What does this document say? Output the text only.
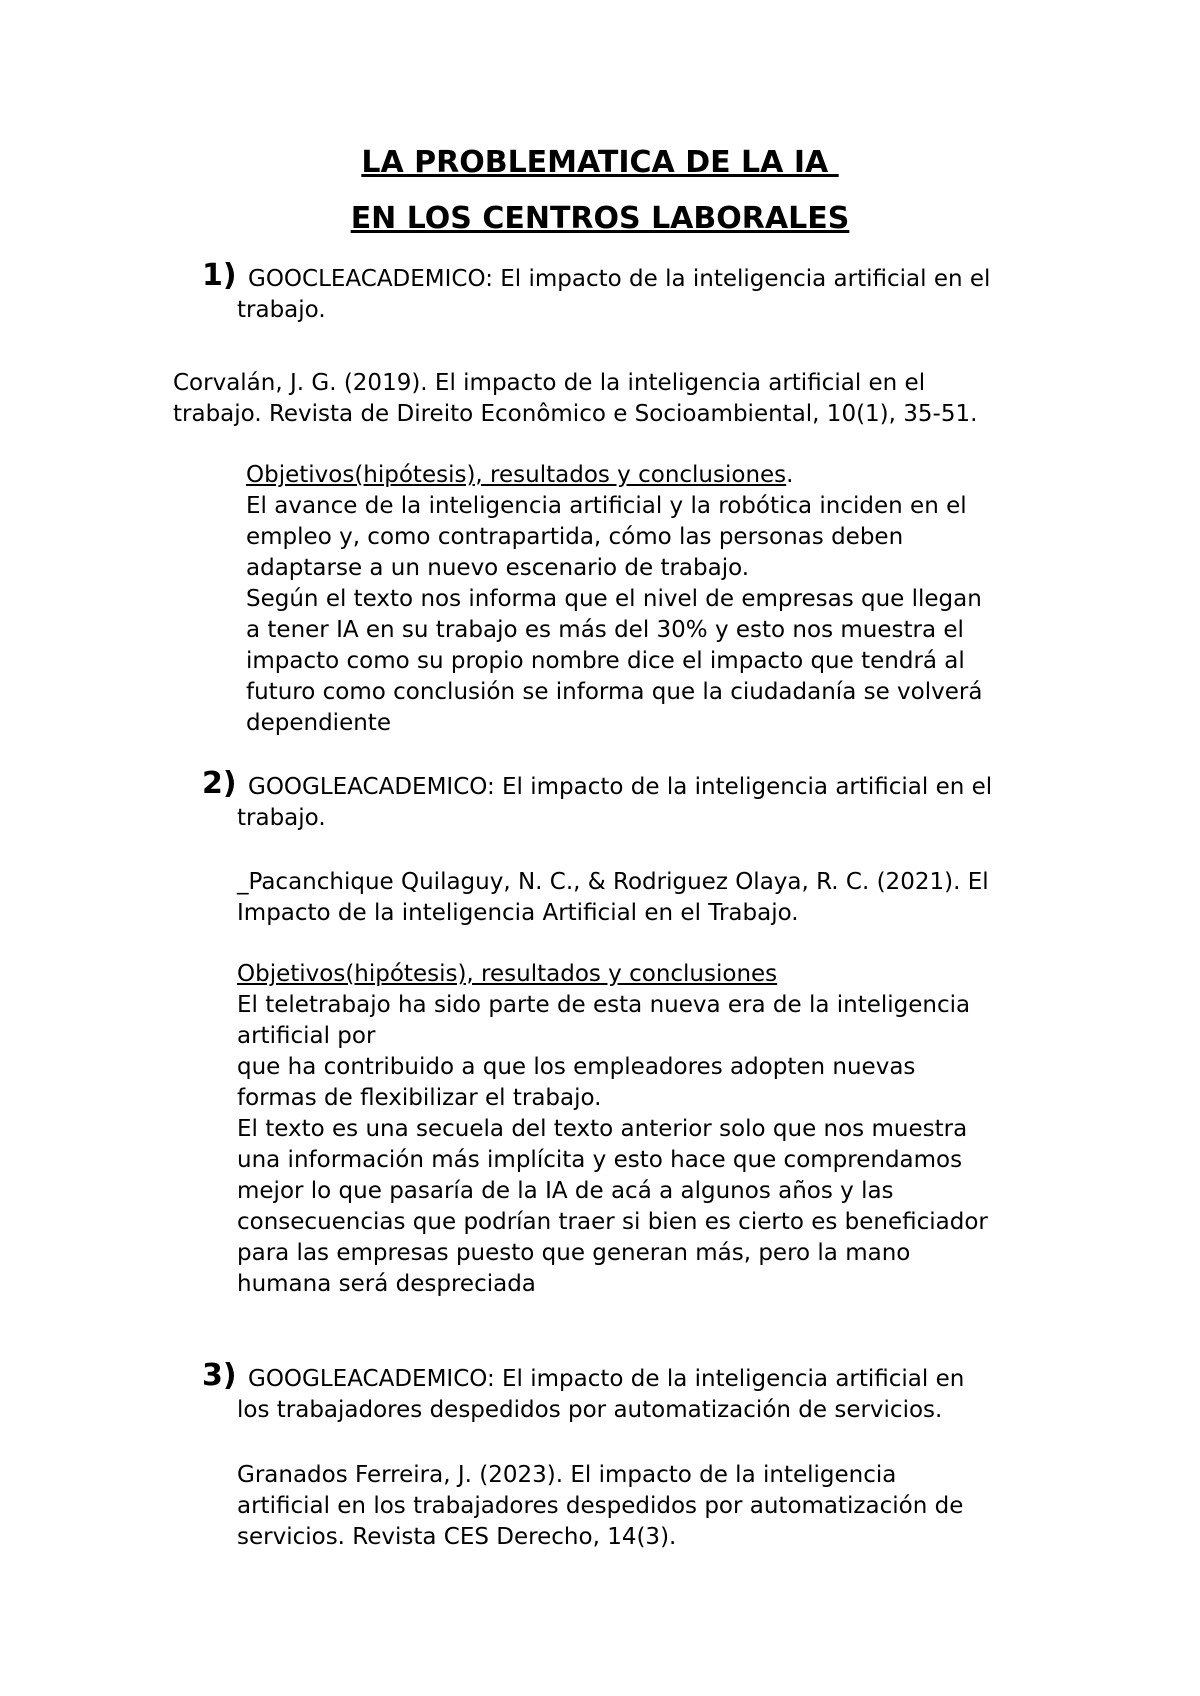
LA PROBLEMATICA DE LA IA
EN LOS CENTROS LABORALES
1) GOOCLEACADEMICO: El impacto de la inteligencia artificial en el
trabajo.
Corvalán, J. G. (2019). El impacto de la inteligencia artificial en el
trabajo. Revista de Direito Econômico e Socioambiental, 10(1), 35-51.
Objetivos(hipótesis), resultados y conclusiones.
El avance de la inteligencia artificial y la robótica inciden en el
empleo y, como contrapartida, cómo las personas deben
adaptarse a un nuevo escenario de trabajo.
Según el texto nos informa que el nivel de empresas que llegan
a tener IA en su trabajo es más del 30% y esto nos muestra el
impacto como su propio nombre dice el impacto que tendrá al
futuro como conclusión se informa que la ciudadanía se volverá
dependiente
2) GOOGLEACADEMICO: El impacto de la inteligencia artificial en el
trabajo.
_Pacanchique Quilaguy, N. C., & Rodriguez Olaya, R. C. (2021). El
Impacto de la inteligencia Artificial en el Trabajo.
Objetivos(hipótesis), resultados y conclusiones
El teletrabajo ha sido parte de esta nueva era de la inteligencia
artificial por
que ha contribuido a que los empleadores adopten nuevas
formas de flexibilizar el trabajo.
El texto es una secuela del texto anterior solo que nos muestra
una información más implícita y esto hace que comprendamos
mejor lo que pasaría de la IA de acá a algunos años y las
consecuencias que podrían traer si bien es cierto es beneficiador
para las empresas puesto que generan más, pero la mano
humana será despreciada
3) GOOGLEACADEMICO: El impacto de la inteligencia artificial en
los trabajadores despedidos por automatización de servicios.
Granados Ferreira, J. (2023). El impacto de la inteligencia
artificial en los trabajadores despedidos por automatización de
servicios. Revista CES Derecho, 14(3).
